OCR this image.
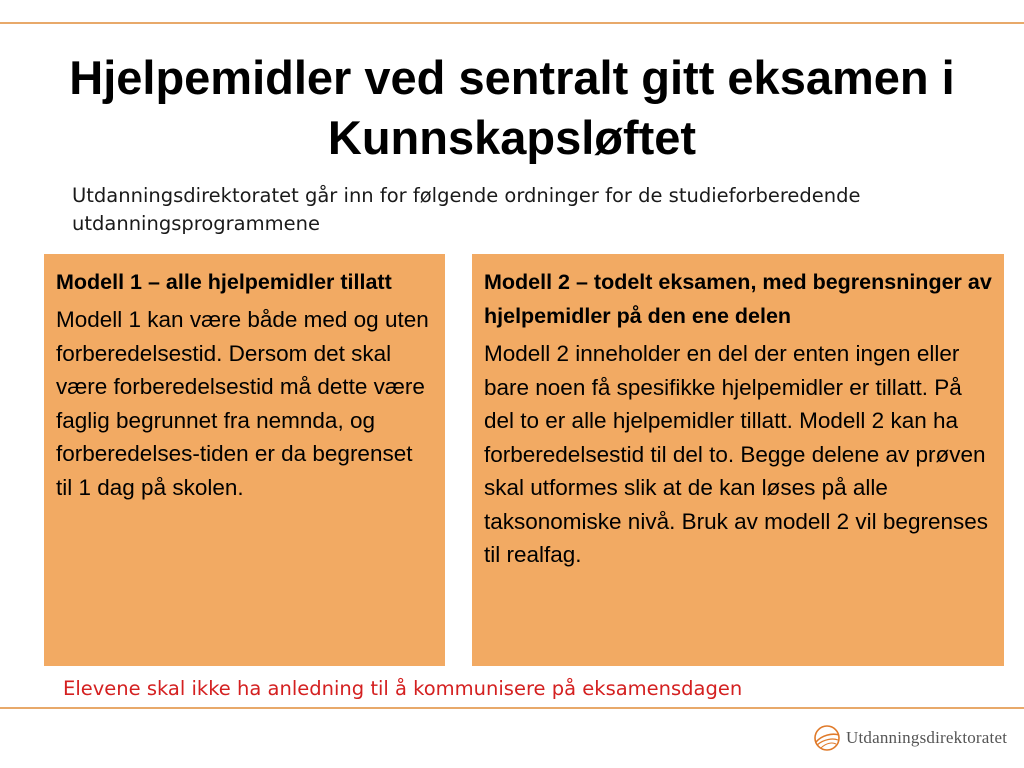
Hjelpemidler ved sentralt gitt eksamen i Kunnskapsløftet
Utdanningsdirektoratet går inn for følgende ordninger for de studieforberedende utdanningsprogrammene

Modell 1 – alle hjelpemidler tillatt

Modell 1 kan være både med og uten forberedelsestid. Dersom det skal være forberedelsestid må dette være faglig begrunnet fra nemnda, og forberedelses-tiden er da begrenset til 1 dag på skolen.

Modell 2 – todelt eksamen, med begrensninger av hjelpemidler på den ene delen

Modell 2 inneholder en del der enten ingen eller bare noen få spesifikke hjelpemidler er tillatt. På del to er alle hjelpemidler tillatt. Modell 2 kan ha forberedelsestid til del to. Begge delene av prøven skal utformes slik at de kan løses på alle taksonomiske nivå. Bruk av modell 2 vil begrenses til realfag.

Elevene skal ikke ha anledning til å kommunisere på eksamensdagen
Utdanningsdirektoratet
